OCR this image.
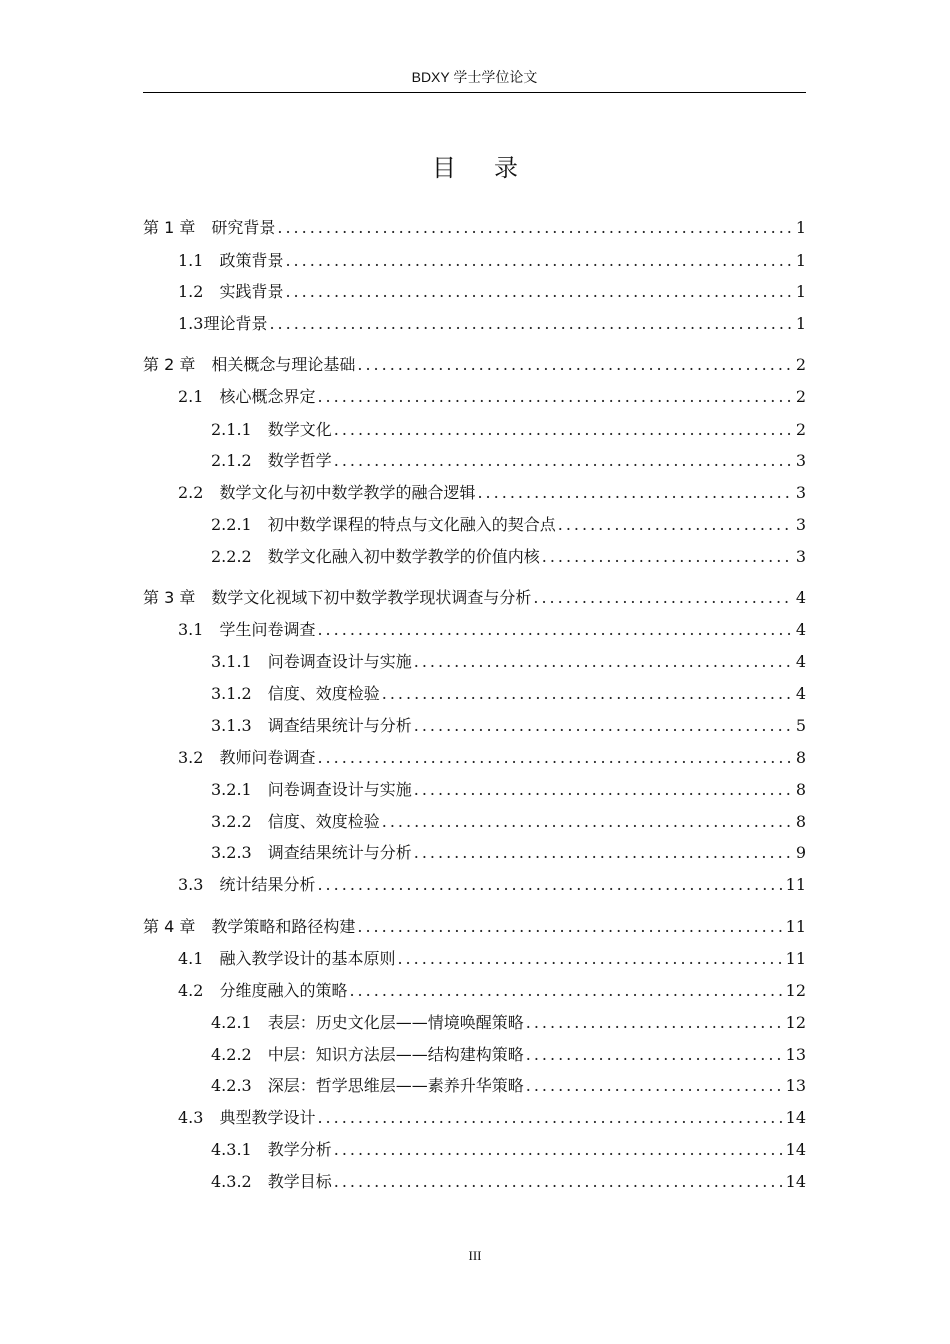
BDXY 学士学位论文
目录
第 1 章 研究背景 .....	1
1.1 政策背景 .....	1
1.2 实践背景 .....	1
1.3 理论背景 .....	1
第 2 章 相关概念与理论基础 .....	2
2.1 核心概念界定 .....	2
2.1.1 数学文化 .....	2
2.1.2 数学哲学 .....	3
2.2 数学文化与初中数学教学的融合逻辑 .....	3
2.2.1 初中数学课程的特点与文化融入的契合点 .....	3
2.2.2 数学文化融入初中数学教学的价值内核 .....	3
第 3 章 数学文化视域下初中数学教学现状调查与分析 .....	4
3.1 学生问卷调查 .....	4
3.1.1 问卷调查设计与实施 .....	4
3.1.2 信度、效度检验 .....	4
3.1.3 调查结果统计与分析 .....	5
3.2 教师问卷调查 .....	8
3.2.1 问卷调查设计与实施 .....	8
3.2.2 信度、效度检验 .....	8
3.2.3 调查结果统计与分析 .....	9
3.3 统计结果分析 .....	11
第 4 章 教学策略和路径构建 .....	11
4.1 融入教学设计的基本原则 .....	11
4.2 分维度融入的策略 .....	12
4.2.1 表层：历史文化层——情境唤醒策略 .....	12
4.2.2 中层：知识方法层——结构建构策略 .....	13
4.2.3 深层：哲学思维层——素养升华策略 .....	13
4.3 典型教学设计 .....	14
4.3.1 教学分析 .....	14
4.3.2 教学目标 .....	14
III
